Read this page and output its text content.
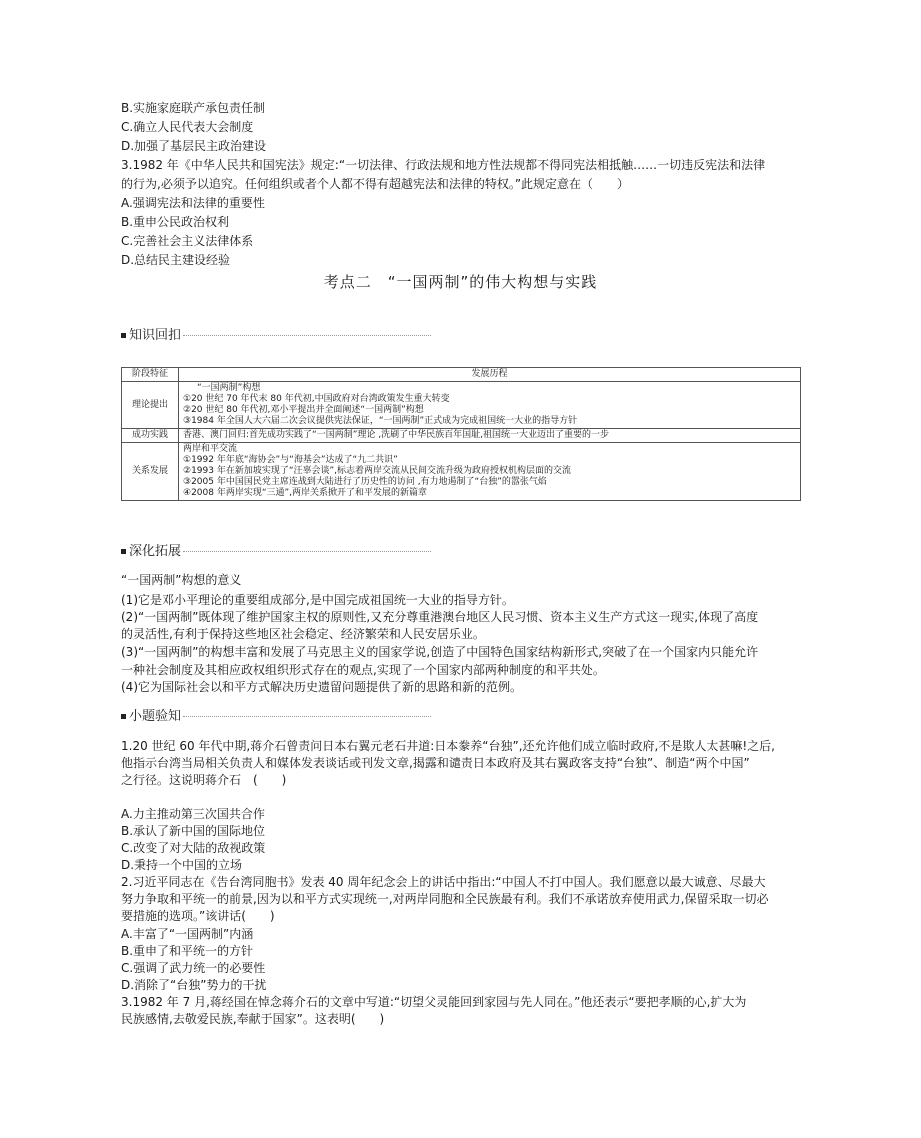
B.实施家庭联产承包责任制
C.确立人民代表大会制度
D.加强了基层民主政治建设
3.1982 年《中华人民共和国宪法》规定:“一切法律、行政法规和地方性法规都不得同宪法相抵触……一切违反宪法和法律
的行为,必须予以追究。任何组织或者个人都不得有超越宪法和法律的特权。”此规定意在（　　）
A.强调宪法和法律的重要性
B.重申公民政治权利
C.完善社会主义法律体系
D.总结民主建设经验
考点二　“一国两制”的伟大构想与实践
知识回扣
阶段特征	发展历程
理论提出	“一国两制”构想
①20 世纪 70 年代末 80 年代初,中国政府对台湾政策发生重大转变
②20 世纪 80 年代初,邓小平提出并全面阐述“一国两制”构想
③1984 年全国人大六届二次会议提供宪法保证，“一国两制”正式成为完成祖国统一大业的指导方针

成功实践	香港、澳门回归:首先成功实践了“一国两制”理论 ,洗刷了中华民族百年国耻,祖国统一大业迈出了重要的一步

关系发展	两岸和平交流
①1992 年年底“海协会”与“海基会”达成了“九二共识”
②1993 年在新加坡实现了“汪辜会谈”,标志着两岸交流从民间交流升级为政府授权机构层面的交流
③2005 年中国国民党主席连战到大陆进行了历史性的访问 ,有力地遏制了“台独”的嚣张气焰
④2008 年两岸实现“三通”,两岸关系掀开了和平发展的新篇章
深化拓展
“一国两制”构想的意义
(1)它是邓小平理论的重要组成部分,是中国完成祖国统一大业的指导方针。
(2)“一国两制”既体现了维护国家主权的原则性,又充分尊重港澳台地区人民习惯、资本主义生产方式这一现实,体现了高度
的灵活性,有利于保持这些地区社会稳定、经济繁荣和人民安居乐业。
(3)“一国两制”的构想丰富和发展了马克思主义的国家学说,创造了中国特色国家结构新形式,突破了在一个国家内只能允许
一种社会制度及其相应政权组织形式存在的观点,实现了一个国家内部两种制度的和平共处。
(4)它为国际社会以和平方式解决历史遗留问题提供了新的思路和新的范例。
小题验知
1.20 世纪 60 年代中期,蒋介石曾责问日本右翼元老石井道:日本豢养“台独”,还允许他们成立临时政府,不是欺人太甚嘛!之后,
他指示台湾当局相关负责人和媒体发表谈话或刊发文章,揭露和谴责日本政府及其右翼政客支持“台独”、制造“两个中国”
之行径。这说明蒋介石　(　　)
A.力主推动第三次国共合作
B.承认了新中国的国际地位
C.改变了对大陆的敌视政策
D.秉持一个中国的立场
2.习近平同志在《告台湾同胞书》发表 40 周年纪念会上的讲话中指出:“中国人不打中国人。我们愿意以最大诚意、尽最大
努力争取和平统一的前景,因为以和平方式实现统一,对两岸同胞和全民族最有利。我们不承诺放弃使用武力,保留采取一切必
要措施的选项。”该讲话(　　)
A.丰富了“一国两制”内涵
B.重申了和平统一的方针
C.强调了武力统一的必要性
D.消除了“台独”势力的干扰
3.1982 年 7 月,蒋经国在悼念蒋介石的文章中写道:“切望父灵能回到家园与先人同在。”他还表示“要把孝顺的心,扩大为
民族感情,去敬爱民族,奉献于国家”。这表明(　　)
